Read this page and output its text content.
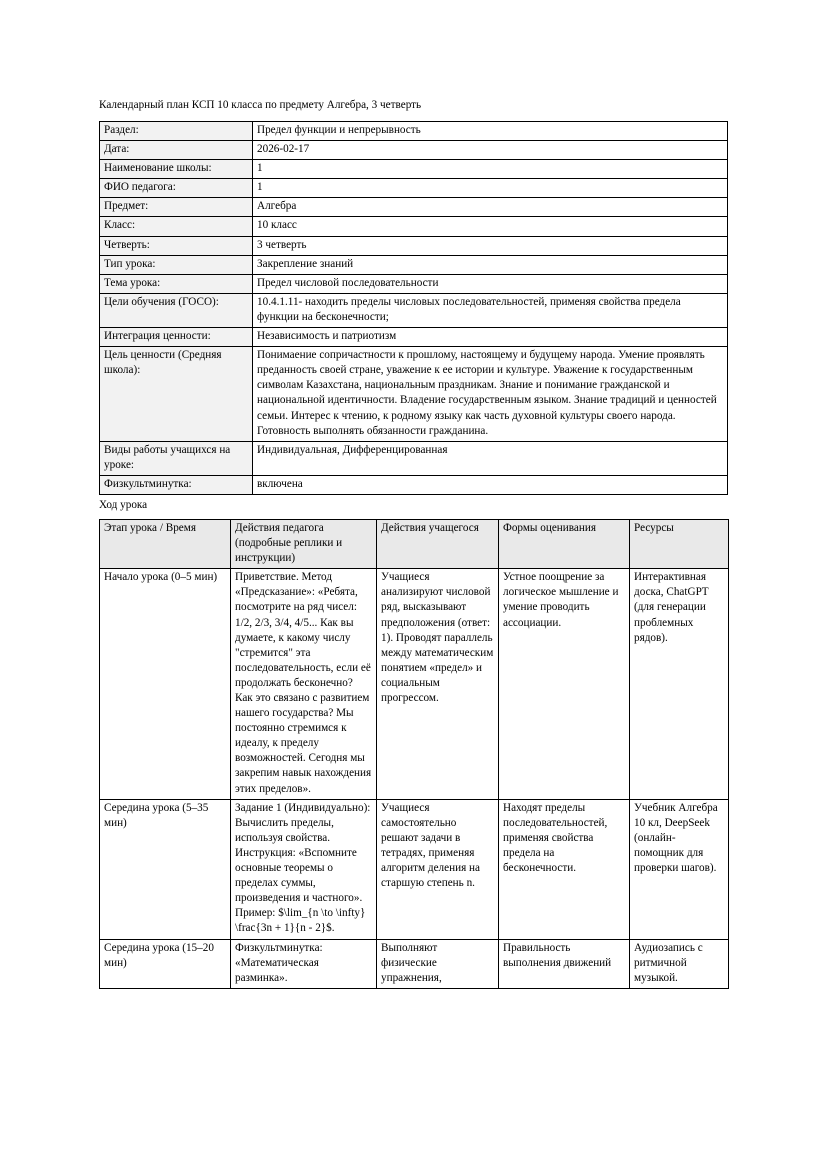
Календарный план КСП 10 класса по предмету Алгебра, 3 четверть

Раздел:	Предел функции и непрерывность
Дата:	2026-02-17
Наименование школы:	1
ФИО педагога:	1
Предмет:	Алгебра
Класс:	10 класс
Четверть:	3 четверть
Тип урока:	Закрепление знаний
Тема урока:	Предел числовой последовательности
Цели обучения (ГОСО):	10.4.1.11- находить пределы числовых последовательностей, применяя свойства предела функции на бесконечности;
Интеграция ценности:	Независимость и патриотизм
Цель ценности (Средняя школа):	Понимаение сопричастности к прошлому, настоящему и будущему народа. Умение проявлять преданность своей стране, уважение к ее истории и культуре. Уважение к государственным символам Казахстана, национальным праздникам. Знание и понимание гражданской и национальной идентичности. Владение государственным языком. Знание традиций и ценностей семьи. Интерес к чтению, к родному языку как часть духовной культуры своего народа. Готовность выполнять обязанности гражданина.
Виды работы учащихся на уроке:	Индивидуальная, Дифференцированная
Физкультминутка:	включена

Ход урока

Этап урока / Время	Действия педагога (подробные реплики и инструкции)	Действия учащегося	Формы оценивания	Ресурсы
Начало урока (0–5 мин)	Приветствие. Метод «Предсказание»: «Ребята, посмотрите на ряд чисел: 1/2, 2/3, 3/4, 4/5... Как вы думаете, к какому числу "стремится" эта последовательность, если её продолжать бесконечно? Как это связано с развитием нашего государства? Мы постоянно стремимся к идеалу, к пределу возможностей. Сегодня мы закрепим навык нахождения этих пределов».	Учащиеся анализируют числовой ряд, высказывают предположения (ответ: 1). Проводят параллель между математическим понятием «предел» и социальным прогрессом.	Устное поощрение за логическое мышление и умение проводить ассоциации.	Интерактивная доска, ChatGPT (для генерации проблемных рядов).
Середина урока (5–35 мин)	Задание 1 (Индивидуально): Вычислить пределы, используя свойства. Инструкция: «Вспомните основные теоремы о пределах суммы, произведения и частного». Пример: $\lim_{n \to \infty} \frac{3n + 1}{n - 2}$.	Учащиеся самостоятельно решают задачи в тетрадях, применяя алгоритм деления на старшую степень n.	Находят пределы последовательностей, применяя свойства предела на бесконечности.	Учебник Алгебра 10 кл, DeepSeek (онлайн-помощник для проверки шагов).

Середина урока (15–20 мин)	Физкультминутка: «Математическая разминка».	Выполняют физические упражнения,	Правильность выполнения движений	Аудиозапись с ритмичной музыкой.
